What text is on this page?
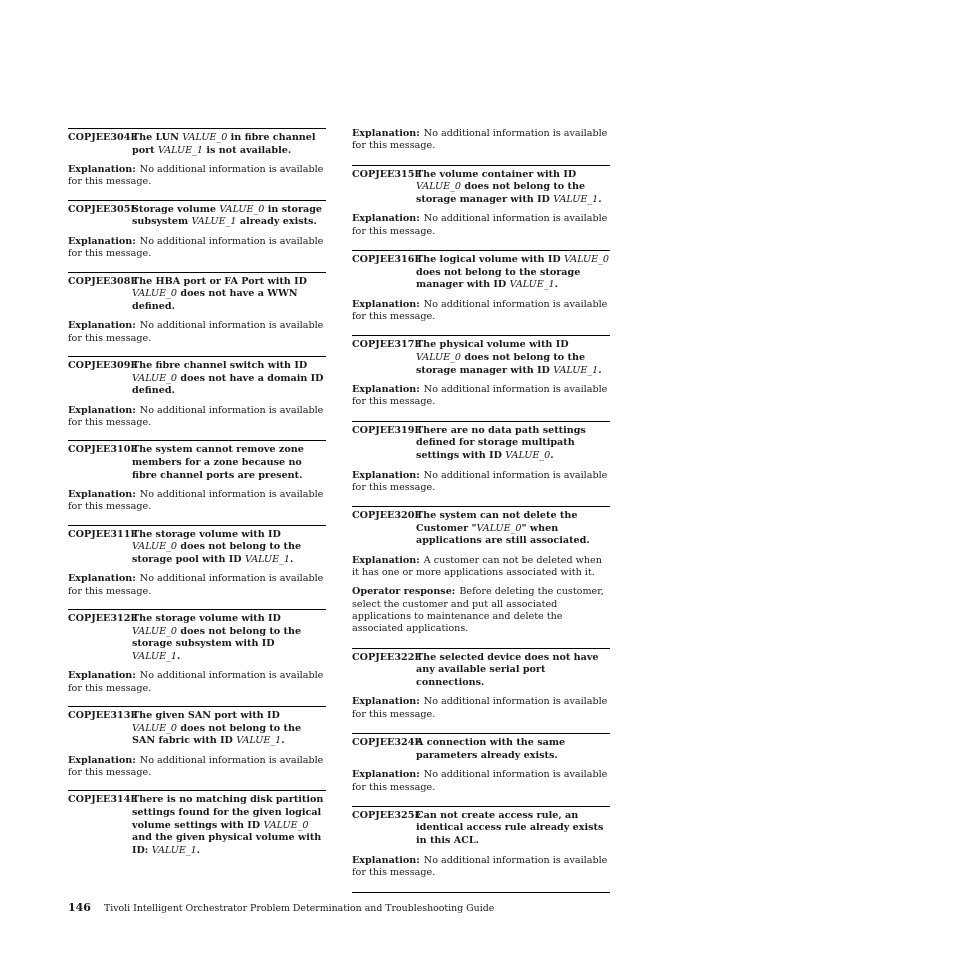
COPJEE304E
The LUN VALUE_0 in fibre channel port VALUE_1 is not available.
Explanation: No additional information is available for this message.
COPJEE305E
Storage volume VALUE_0 in storage subsystem VALUE_1 already exists.
Explanation: No additional information is available for this message.
COPJEE308E
The HBA port or FA Port with ID VALUE_0 does not have a WWN defined.
Explanation: No additional information is available for this message.
COPJEE309E
The fibre channel switch with ID VALUE_0 does not have a domain ID defined.
Explanation: No additional information is available for this message.
COPJEE310E
The system cannot remove zone members for a zone because no fibre channel ports are present.
Explanation: No additional information is available for this message.
COPJEE311E
The storage volume with ID VALUE_0 does not belong to the storage pool with ID VALUE_1.
Explanation: No additional information is available for this message.
COPJEE312E
The storage volume with ID VALUE_0 does not belong to the storage subsystem with ID VALUE_1.
Explanation: No additional information is available for this message.
COPJEE313E
The given SAN port with ID VALUE_0 does not belong to the SAN fabric with ID VALUE_1.
Explanation: No additional information is available for this message.
COPJEE314E
There is no matching disk partition settings found for the given logical volume settings with ID VALUE_0 and the given physical volume with ID: VALUE_1.
Explanation: No additional information is available for this message.
COPJEE315E
The volume container with ID VALUE_0 does not belong to the storage manager with ID VALUE_1.
Explanation: No additional information is available for this message.
COPJEE316E
The logical volume with ID VALUE_0 does not belong to the storage manager with ID VALUE_1.
Explanation: No additional information is available for this message.
COPJEE317E
The physical volume with ID VALUE_0 does not belong to the storage manager with ID VALUE_1.
Explanation: No additional information is available for this message.
COPJEE319E
There are no data path settings defined for storage multipath settings with ID VALUE_0.
Explanation: No additional information is available for this message.
COPJEE320E
The system can not delete the Customer "VALUE_0" when applications are still associated.
Explanation: A customer can not be deleted when it has one or more applications associated with it.
Operator response: Before deleting the customer, select the customer and put all associated applications to maintenance and delete the associated applications.
COPJEE322E
The selected device does not have any available serial port connections.
Explanation: No additional information is available for this message.
COPJEE324E
A connection with the same parameters already exists.
Explanation: No additional information is available for this message.
COPJEE325E
Can not create access rule, an identical access rule already exists in this ACL.
Explanation: No additional information is available for this message.
146 Tivoli Intelligent Orchestrator Problem Determination and Troubleshooting Guide
